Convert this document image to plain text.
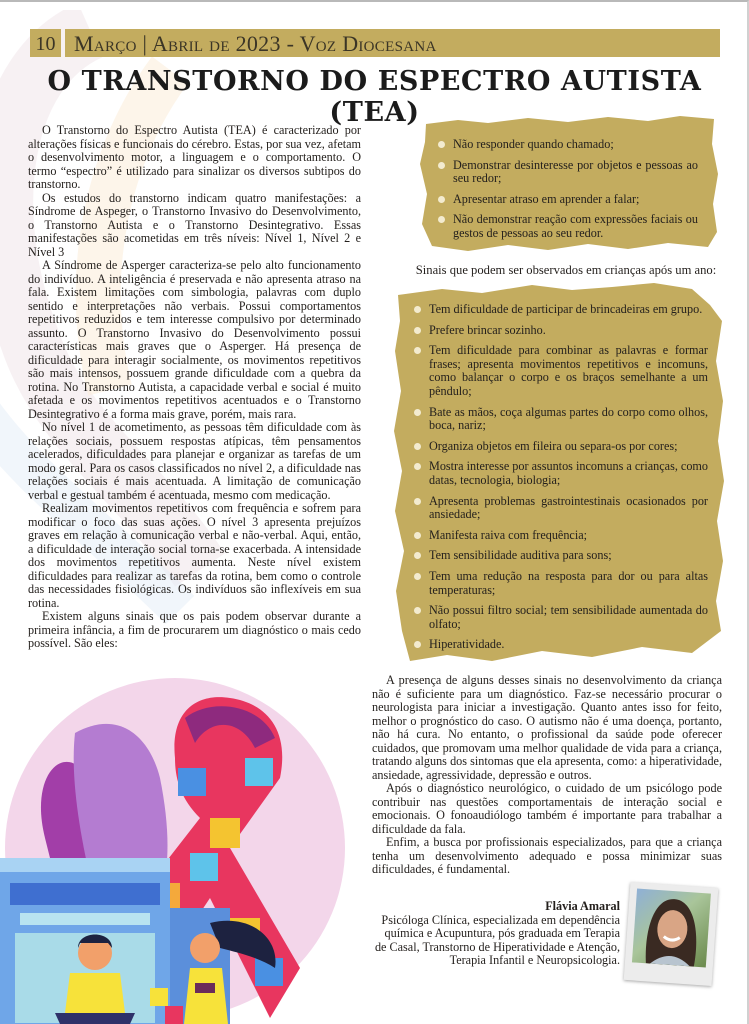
10 Março | Abril de 2023 - Voz Diocesana
O TRANSTORNO DO ESPECTRO AUTISTA (TEA)

O Transtorno do Espectro Autista (TEA) é caracterizado por alterações físicas e funcionais do cérebro. Estas, por sua vez, afetam o desenvolvimento motor, a linguagem e o comportamento. O termo “espectro” é utilizado para sinalizar os diversos subtipos do transtorno.

Os estudos do transtorno indicam quatro manifestações: a Síndrome de Aspeger, o Transtorno Invasivo do Desenvolvimento, o Transtorno Autista e o Transtorno Desintegrativo. Essas manifestações são acometidas em três níveis: Nível 1, Nível 2 e Nível 3

A Síndrome de Asperger caracteriza-se pelo alto funcionamento do indivíduo. A inteligência é preservada e não apresenta atraso na fala. Existem limitações com simbologia, palavras com duplo sentido e interpretações não verbais. Possui comportamentos repetitivos reduzidos e tem interesse compulsivo por determinado assunto. O Transtorno Invasivo do Desenvolvimento possui características mais graves que o Asperger. Há presença de dificuldade para interagir socialmente, os movimentos repetitivos são mais intensos, possuem grande dificuldade com a quebra da rotina. No Transtorno Autista, a capacidade verbal e social é muito afetada e os movimentos repetitivos acentuados e o Transtorno Desintegrativo é a forma mais grave, porém, mais rara.

No nível 1 de acometimento, as pessoas têm dificuldade com às relações sociais, possuem respostas atípicas, têm pensamentos acelerados, dificuldades para planejar e organizar as tarefas de um modo geral. Para os casos classificados no nível 2, a dificuldade nas relações sociais é mais acentuada. A limitação de comunicação verbal e gestual também é acentuada, mesmo com medicação.

Realizam movimentos repetitivos com frequência e sofrem para modificar o foco das suas ações. O nível 3 apresenta prejuízos graves em relação à comunicação verbal e não-verbal. Aqui, então, a dificuldade de interação social torna-se exacerbada. A intensidade dos movimentos repetitivos aumenta. Neste nível existem dificuldades para realizar as tarefas da rotina, bem como o controle das necessidades fisiológicas. Os indivíduos são inflexíveis em sua rotina.

Existem alguns sinais que os pais podem observar durante a primeira infância, a fim de procurarem um diagnóstico o mais cedo possível. São eles:

Não responder quando chamado;
Demonstrar desinteresse por objetos e pessoas ao seu redor;
Apresentar atraso em aprender a falar;
Não demonstrar reação com expressões faciais ou gestos de pessoas ao seu redor.
Sinais que podem ser observados em crianças após um ano:
Tem dificuldade de participar de brincadeiras em grupo.
Prefere brincar sozinho.
Tem dificuldade para combinar as palavras e formar frases; apresenta movimentos repetitivos e incomuns, como balançar o corpo e os braços semelhante a um pêndulo;
Bate as mãos, coça algumas partes do corpo como olhos, boca, nariz;
Organiza objetos em fileira ou separa-os por cores;
Mostra interesse por assuntos incomuns a crianças, como datas, tecnologia, biologia;
Apresenta problemas gastrointestinais ocasionados por ansiedade;
Manifesta raiva com frequência;
Tem sensibilidade auditiva para sons;
Tem uma redução na resposta para dor ou para altas temperaturas;
Não possui filtro social; tem sensibilidade aumentada do olfato;
Hiperatividade.

A presença de alguns desses sinais no desenvolvimento da criança não é suficiente para um diagnóstico. Faz-se necessário procurar o neurologista para iniciar a investigação. Quanto antes isso for feito, melhor o prognóstico do caso. O autismo não é uma doença, portanto, não há cura. No entanto, o profissional da saúde pode oferecer cuidados, que promovam uma melhor qualidade de vida para a criança, tratando alguns dos sintomas que ela apresenta, como: a hiperatividade, ansiedade, agressividade, depressão e outros.

Após o diagnóstico neurológico, o cuidado de um psicólogo pode contribuir nas questões comportamentais de interação social e emocionais. O fonoaudiólogo também é importante para trabalhar a dificuldade da fala.

Enfim, a busca por profissionais especializados, para que a criança tenha um desenvolvimento adequado e possa minimizar suas dificuldades, é fundamental.

Flávia Amaral
Psicóloga Clínica, especializada em dependência química e Acupuntura, pós graduada em Terapia de Casal, Transtorno de Hiperatividade e Atenção, Terapia Infantil e Neuropsicologia.
